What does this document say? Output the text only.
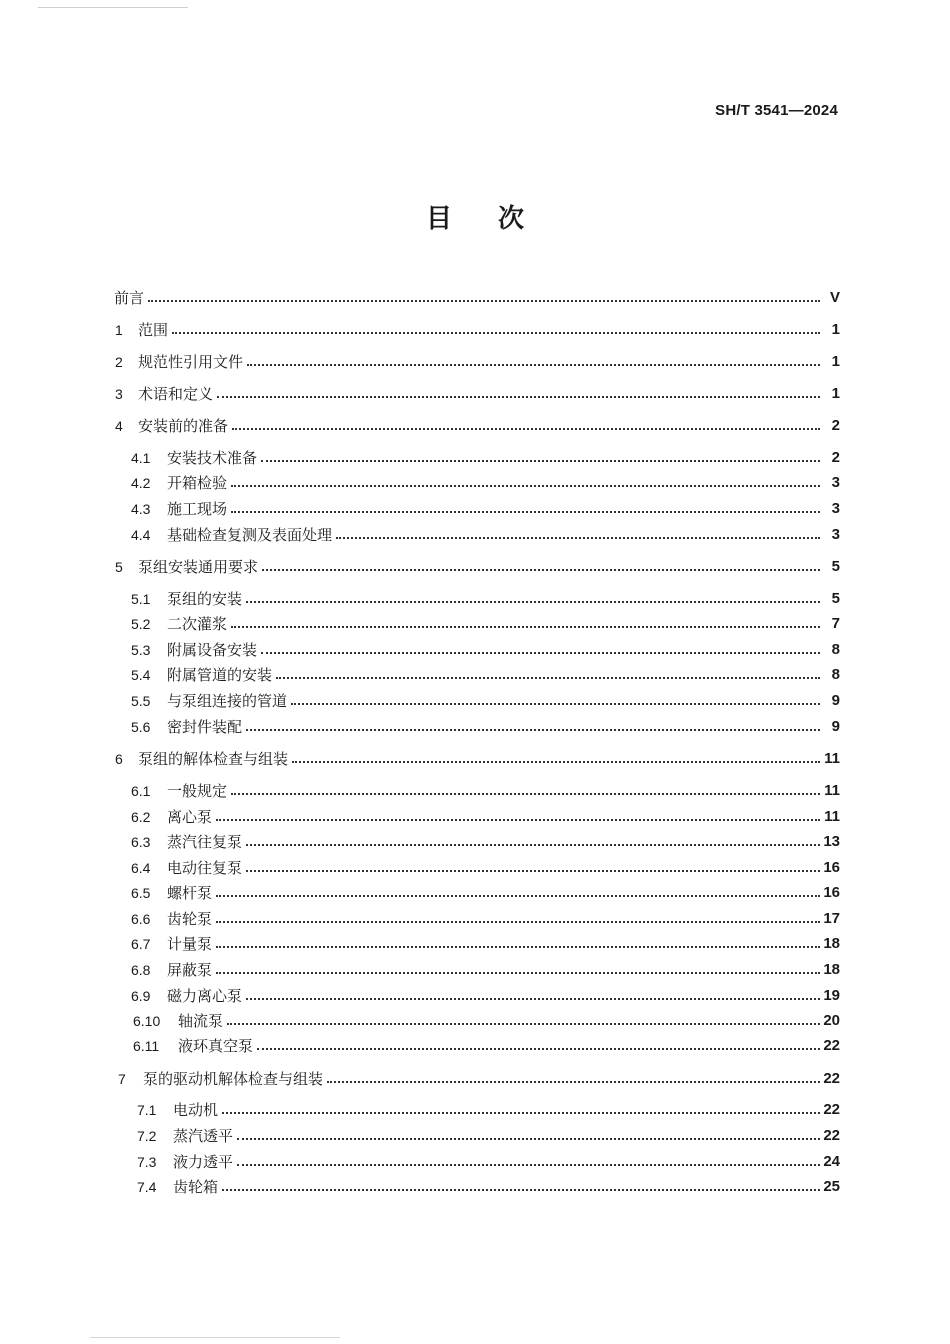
SH/T 3541—2024
目次
前言	V
1 范围	1
2 规范性引用文件	1
3 术语和定义	1
4 安装前的准备	2
4.1 安装技术准备	2
4.2 开箱检验	3
4.3 施工现场	3
4.4 基础检查复测及表面处理	3
5 泵组安装通用要求	5
5.1 泵组的安装	5
5.2 二次灌浆	7
5.3 附属设备安装	8
5.4 附属管道的安装	8
5.5 与泵组连接的管道	9
5.6 密封件装配	9
6 泵组的解体检查与组装	11
6.1 一般规定	11
6.2 离心泵	11
6.3 蒸汽往复泵	13
6.4 电动往复泵	16
6.5 螺杆泵	16
6.6 齿轮泵	17
6.7 计量泵	18
6.8 屏蔽泵	18
6.9 磁力离心泵	19
6.10 轴流泵	20
6.11 液环真空泵	22
7 泵的驱动机解体检查与组装	22
7.1 电动机	22
7.2 蒸汽透平	22
7.3 液力透平	24
7.4 齿轮箱	25
